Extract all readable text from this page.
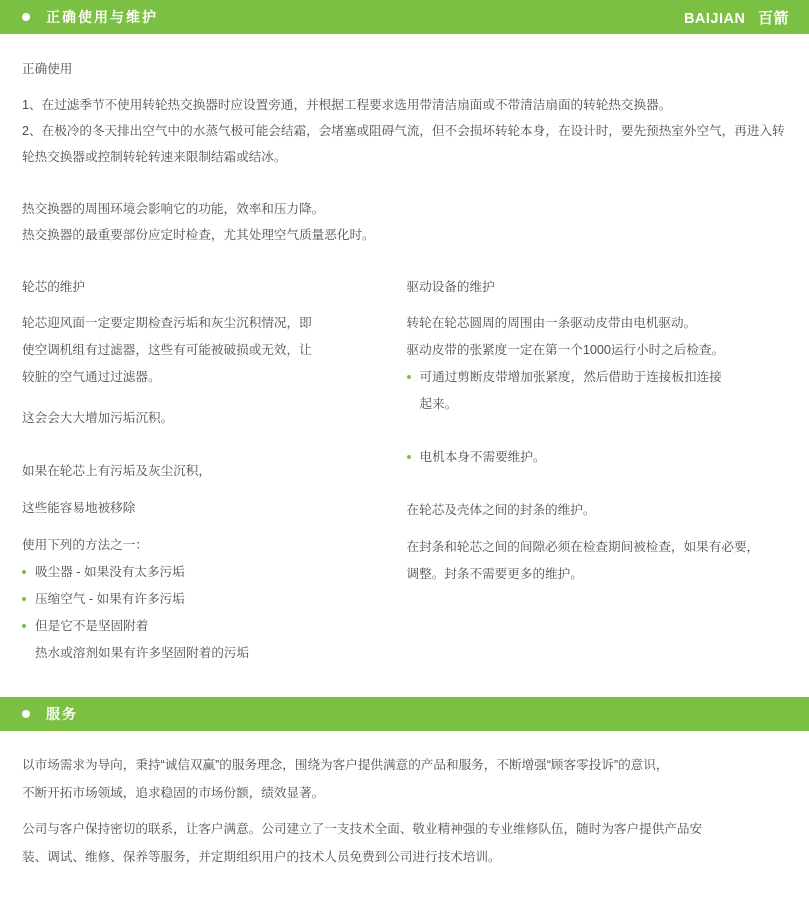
正确使用与维护	BAIJIAN 百箭

正确使用

1、在过滤季节不使用转轮热交换器时应设置旁通，并根据工程要求选用带清洁扇面或不带清洁扇面的转轮热交换器。

2、在极冷的冬天排出空气中的水蒸气极可能会结霜，会堵塞或阻碍气流，但不会损坏转轮本身，在设计时，要先预热室外空气，再进入转轮热交换器或控制转轮转速来限制结霜或结冰。

热交换器的周围环境会影响它的功能，效率和压力降。

热交换器的最重要部份应定时检查，尤其处理空气质量恶化时。

轮芯的维护

轮芯迎风面一定要定期检查污垢和灰尘沉积情况，即

使空调机组有过滤器，这些有可能被破损或无效，让

较脏的空气通过过滤器。

这会会大大增加污垢沉积。

如果在轮芯上有污垢及灰尘沉积，

这些能容易地被移除

使用下列的方法之一：

吸尘器 - 如果没有太多污垢
压缩空气 - 如果有许多污垢
但是它不是坚固附着
热水或溶剂如果有许多坚固附着的污垢
驱动设备的维护

转轮在轮芯圆周的周围由一条驱动皮带由电机驱动。

驱动皮带的张紧度一定在第一个1000运行小时之后检查。

可通过剪断皮带增加张紧度，然后借助于连接板扣连接
起来。
电机本身不需要维护。

在轮芯及壳体之间的封条的维护。

在封条和轮芯之间的间隙必须在检查期间被检查，如果有必要，

调整。封条不需要更多的维护。

服务

以市场需求为导向，秉持“诚信双赢”的服务理念，围绕为客户提供满意的产品和服务，不断增强“顾客零投诉”的意识，

不断开拓市场领域，追求稳固的市场份额，绩效显著。

公司与客户保持密切的联系，让客户满意。公司建立了一支技术全面、敬业精神强的专业维修队伍，随时为客户提供产品安

装、调试、维修、保养等服务，并定期组织用户的技术人员免费到公司进行技术培训。
